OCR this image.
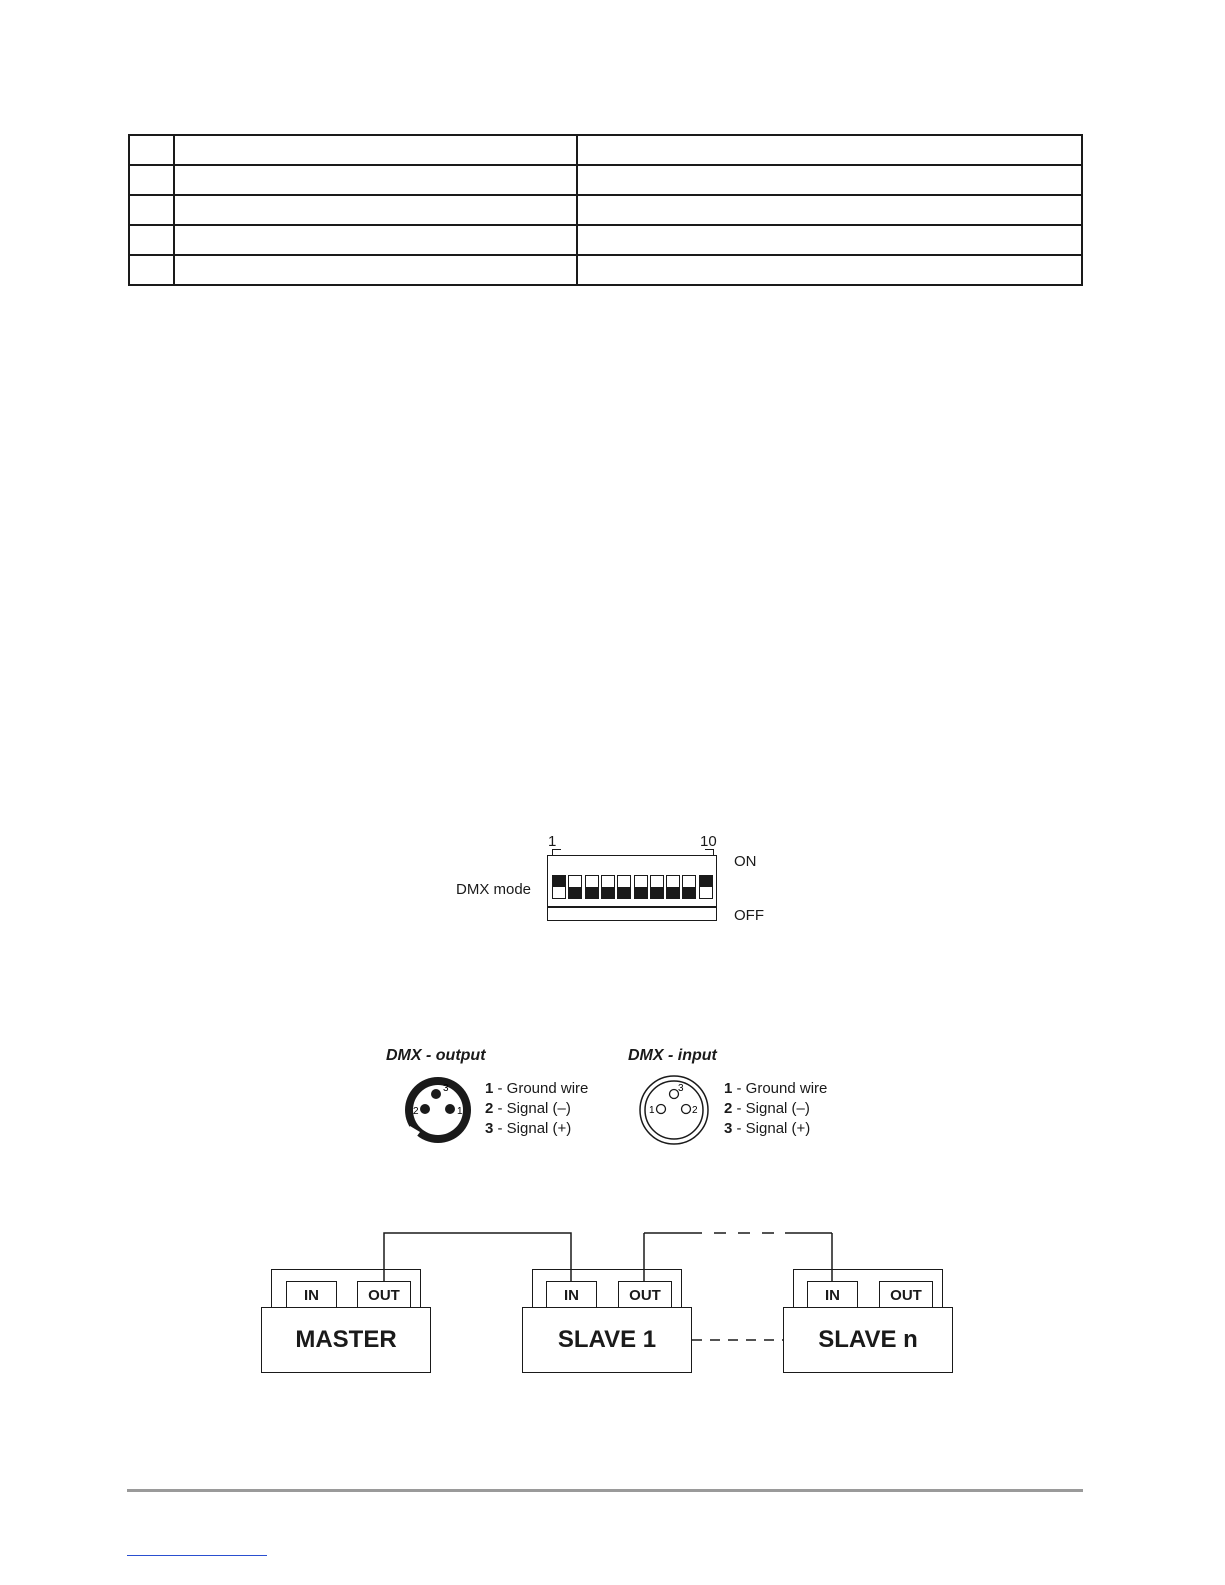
1	10
ON
OFF
DMX mode
DMX - output	DMX - input
3
2	1
1 - Ground wire
2 - Signal (–)
3 - Signal (+)
3
1	2
1 - Ground wire
2 - Signal (–)
3 - Signal (+)
IN	OUT
MASTER
IN	OUT
SLAVE 1
IN	OUT
SLAVE n
